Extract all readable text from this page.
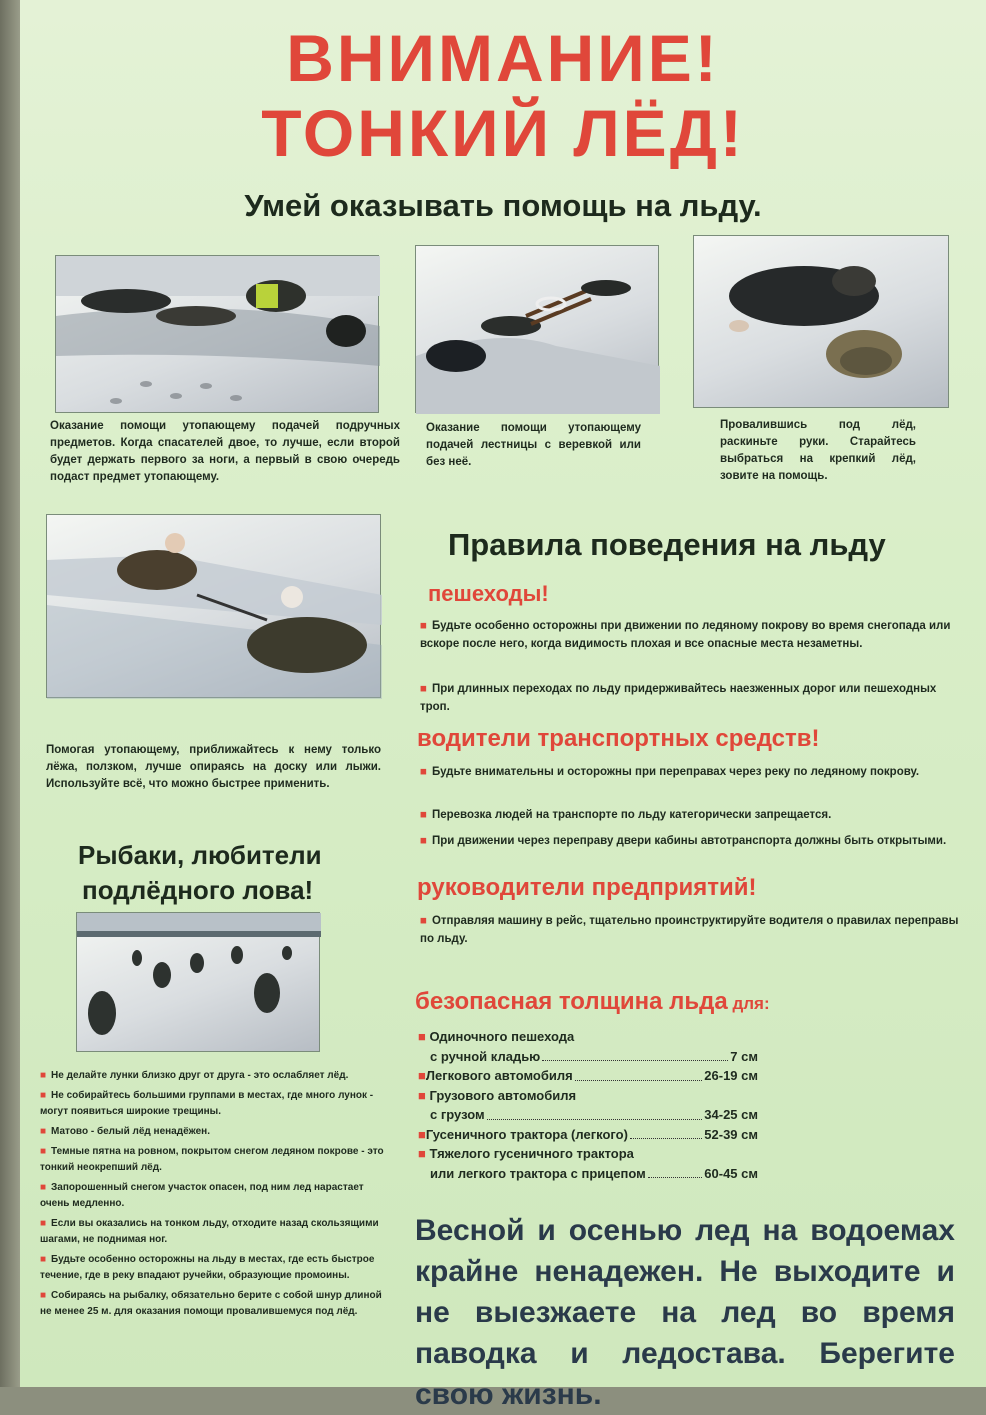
ВНИМАНИЕ!
ТОНКИЙ ЛЁД!
Умей оказывать помощь на льду.
Оказание помощи утопающему подачей подручных предметов. Когда спасателей двое, то лучше, если второй будет держать первого за ноги, а первый в свою очередь подаст предмет утопающему.
Оказание помощи утопающему подачей лестницы с веревкой или без неё.
Провалившись под лёд, раскиньте руки. Старайтесь выбраться на крепкий лёд, зовите на помощь.
Помогая утопающему, приближайтесь к нему только лёжа, ползком, лучше опираясь на доску или лыжи. Используйте всё, что можно быстрее применить.
Правила поведения на льду
пешеходы!
■ Будьте особенно осторожны при движении по ледяному покрову во время снегопада или вскоре после него, когда видимость плохая и все опасные места незаметны.
■ При длинных переходах по льду придерживайтесь наезженных дорог или пешеходных троп.
водители транспортных средств!
■ Будьте внимательны и осторожны при переправах через реку по ледяному покрову.
■ Перевозка людей на транспорте по льду категорически запрещается.
■ При движении через переправу двери кабины автотранспорта должны быть открытыми.
руководители предприятий!
■ Отправляя машину в рейс, тщательно проинструктируйте водителя о правилах переправы по льду.
Рыбаки, любители
подлёдного лова!
■ Не делайте лунки близко друг от друга - это ослабляет лёд.
■ Не собирайтесь большими группами в местах, где много лунок - могут появиться широкие трещины.
■ Матово - белый лёд ненадёжен.
■ Темные пятна на ровном, покрытом снегом ледяном покрове - это тонкий неокрепший лёд.
■ Запорошенный снегом участок опасен, под ним лед нарастает очень медленно.
■ Если вы оказались на тонком льду, отходите назад скользящими шагами, не поднимая ног.
■ Будьте особенно осторожны на льду в местах, где есть быстрое течение, где в реку впадают ручейки, образующие промоины.
■ Собираясь на рыбалку, обязательно берите с собой шнур длиной не менее 25 м. для оказания помощи провалившемуся под лёд.
безопасная толщина льда для:
■ Одиночного пешехода
с ручной кладью	7 см
■ Легкового автомобиля	26-19 см
■ Грузового автомобиля
с грузом	34-25 см
■ Гусеничного трактора (легкого)	52-39 см
■ Тяжелого гусеничного трактора
или легкого трактора с прицепом	60-45 см
Весной и осенью лед на водоемах крайне ненадежен. Не выходите и не выезжаете на лед во время паводка и ледостава. Берегите свою жизнь.
